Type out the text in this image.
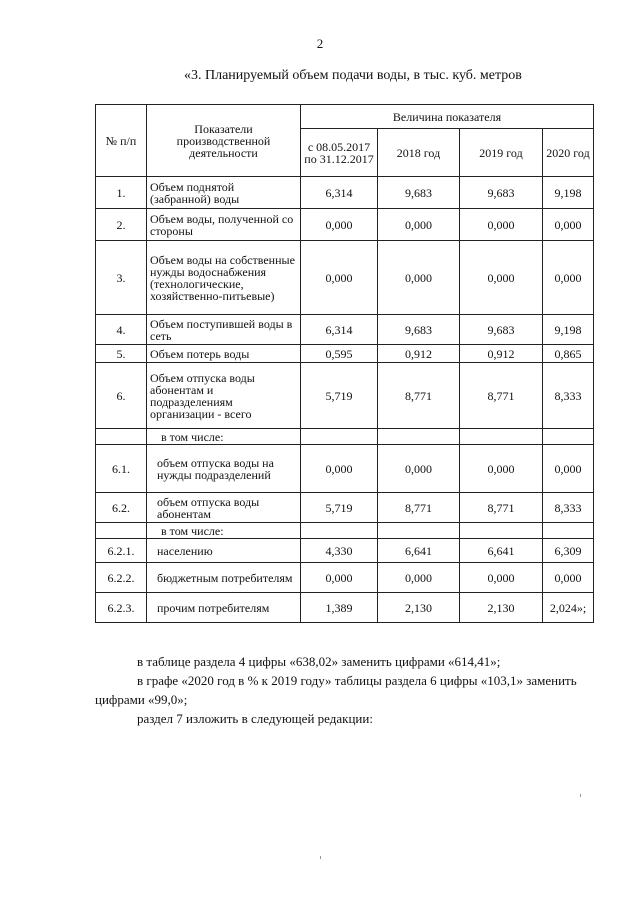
2
«3. Планируемый объем подачи воды, в тыс. куб. метров
№ п/п	Показатели производственной деятельности	Величина показателя			
		с 08.05.2017 по 31.12.2017	2018 год	2019 год	2020 год
1.	Объем поднятой (забранной) воды	6,314	9,683	9,683	9,198
2.	Объем воды, полученной со стороны	0,000	0,000	0,000	0,000
3.	Объем воды на собственные нужды водоснабжения (технологические, хозяйственно-питьевые)	0,000	0,000	0,000	0,000
4.	Объем поступившей воды в сеть	6,314	9,683	9,683	9,198
5.	Объем потерь воды	0,595	0,912	0,912	0,865
6.	Объем отпуска воды абонентам и подразделениям организации - всего	5,719	8,771	8,771	8,333
	в том числе:				
6.1.	объем отпуска воды на нужды подразделений	0,000	0,000	0,000	0,000
6.2.	объем отпуска воды абонентам	5,719	8,771	8,771	8,333
	в том числе:				
6.2.1.	населению	4,330	6,641	6,641	6,309
6.2.2.	бюджетным потребителям	0,000	0,000	0,000	0,000
6.2.3.	прочим потребителям	1,389	2,130	2,130	2,024»;
в таблице раздела 4 цифры «638,02» заменить цифрами «614,41»;
в графе «2020 год в % к 2019 году» таблицы раздела 6 цифры «103,1» заменить цифрами «99,0»;
раздел 7 изложить в следующей редакции:
